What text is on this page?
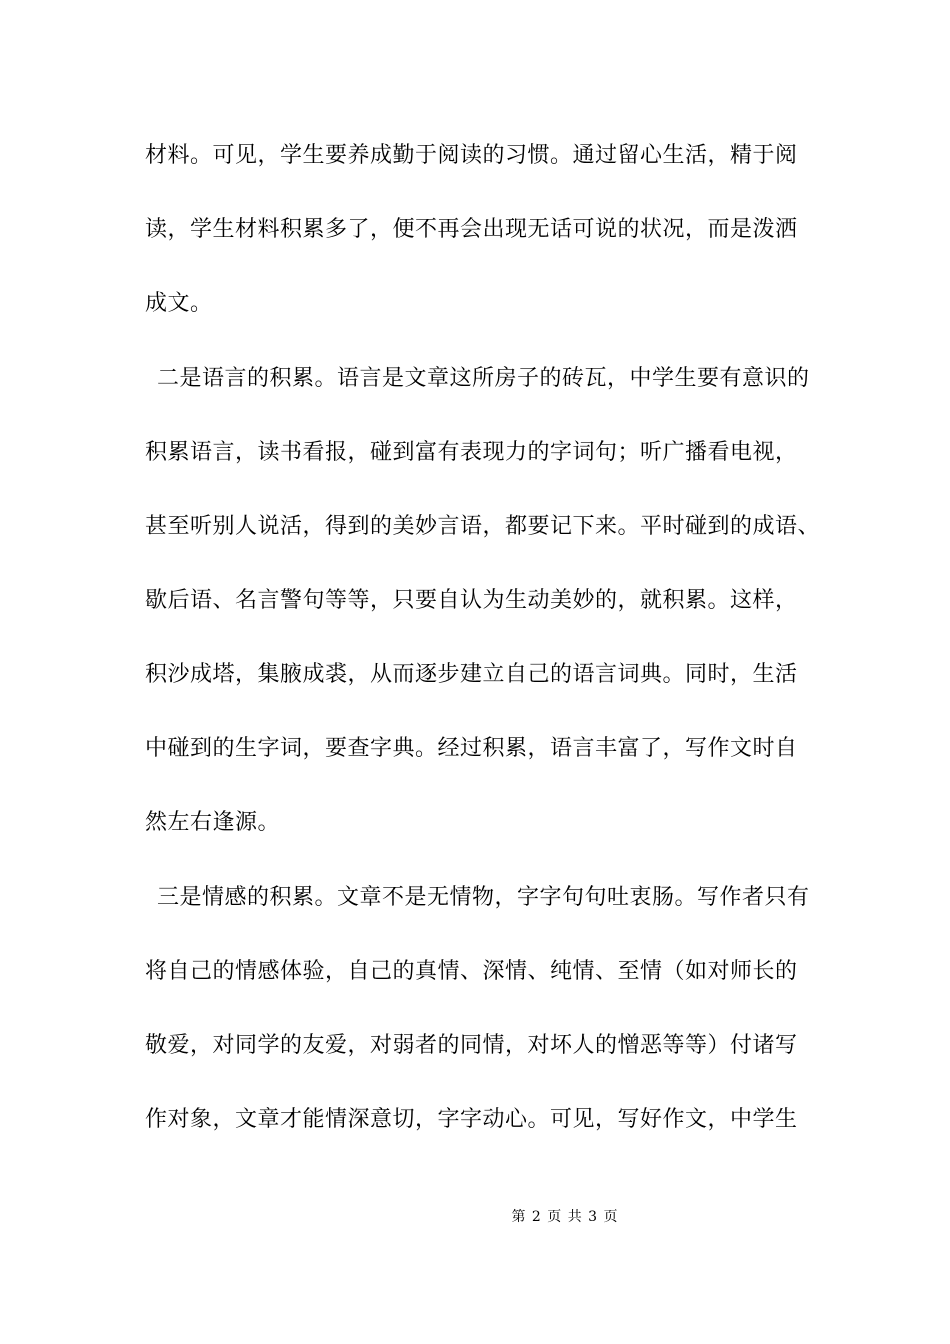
材料。可见，学生要养成勤于阅读的习惯。通过留心生活，精于阅
读，学生材料积累多了，便不再会出现无话可说的状况，而是泼洒
成文。
二是语言的积累。语言是文章这所房子的砖瓦，中学生要有意识的
积累语言，读书看报，碰到富有表现力的字词句；听广播看电视，
甚至听别人说活，得到的美妙言语，都要记下来。平时碰到的成语、
歇后语、名言警句等等，只要自认为生动美妙的，就积累。这样，
积沙成塔，集腋成裘，从而逐步建立自己的语言词典。同时，生活
中碰到的生字词，要查字典。经过积累，语言丰富了，写作文时自
然左右逢源。
三是情感的积累。文章不是无情物，字字句句吐衷肠。写作者只有
将自己的情感体验，自己的真情、深情、纯情、至情（如对师长的
敬爱，对同学的友爱，对弱者的同情，对坏人的憎恶等等）付诸写
作对象，文章才能情深意切，字字动心。可见，写好作文，中学生
第 2 页 共 3 页
